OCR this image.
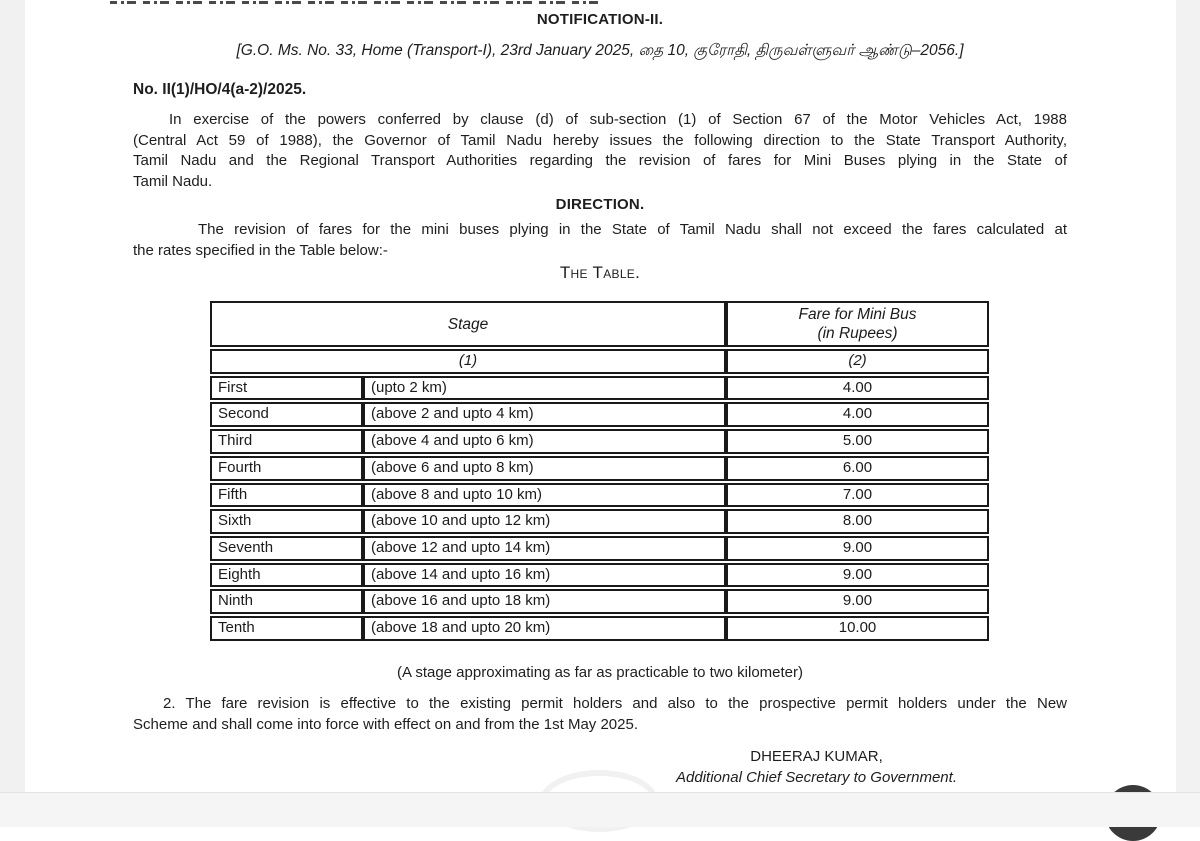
NOTIFICATION-II.
[G.O. Ms. No. 33, Home (Transport-I), 23rd January 2025, தை 10, குரோதி, திருவள்ளுவர் ஆண்டு–2056.]
No. II(1)/HO/4(a-2)/2025.
In exercise of the powers conferred by clause (d) of sub-section (1) of Section 67 of the Motor Vehicles Act, 1988
(Central Act 59 of 1988), the Governor of Tamil Nadu hereby issues the following direction to the State Transport Authority,
Tamil Nadu and the Regional Transport Authorities regarding the revision of fares for Mini Buses plying in the State of
Tamil Nadu.
DIRECTION.
The revision of fares for the mini buses plying in the State of Tamil Nadu shall not exceed the fares calculated at
the rates specified in the Table below:-
The Table.
Stage		Fare for Mini Bus
(in Rupees)

(1)		(2)
First	(upto 2 km)	4.00
Second	(above 2 and upto 4 km)	4.00
Third	(above 4 and upto 6 km)	5.00
Fourth	(above 6 and upto 8 km)	6.00
Fifth	(above 8 and upto 10 km)	7.00
Sixth	(above 10 and upto 12 km)	8.00
Seventh	(above 12 and upto 14 km)	9.00
Eighth	(above 14 and upto 16 km)	9.00
Ninth	(above 16 and upto 18 km)	9.00
Tenth	(above 18 and upto 20 km)	10.00
(A stage approximating as far as practicable to two kilometer)
2. The fare revision is effective to the existing permit holders and also to the prospective permit holders under the New
Scheme and shall come into force with effect on and from the 1st May 2025.
DHEERAJ KUMAR,
Additional Chief Secretary to Government.
